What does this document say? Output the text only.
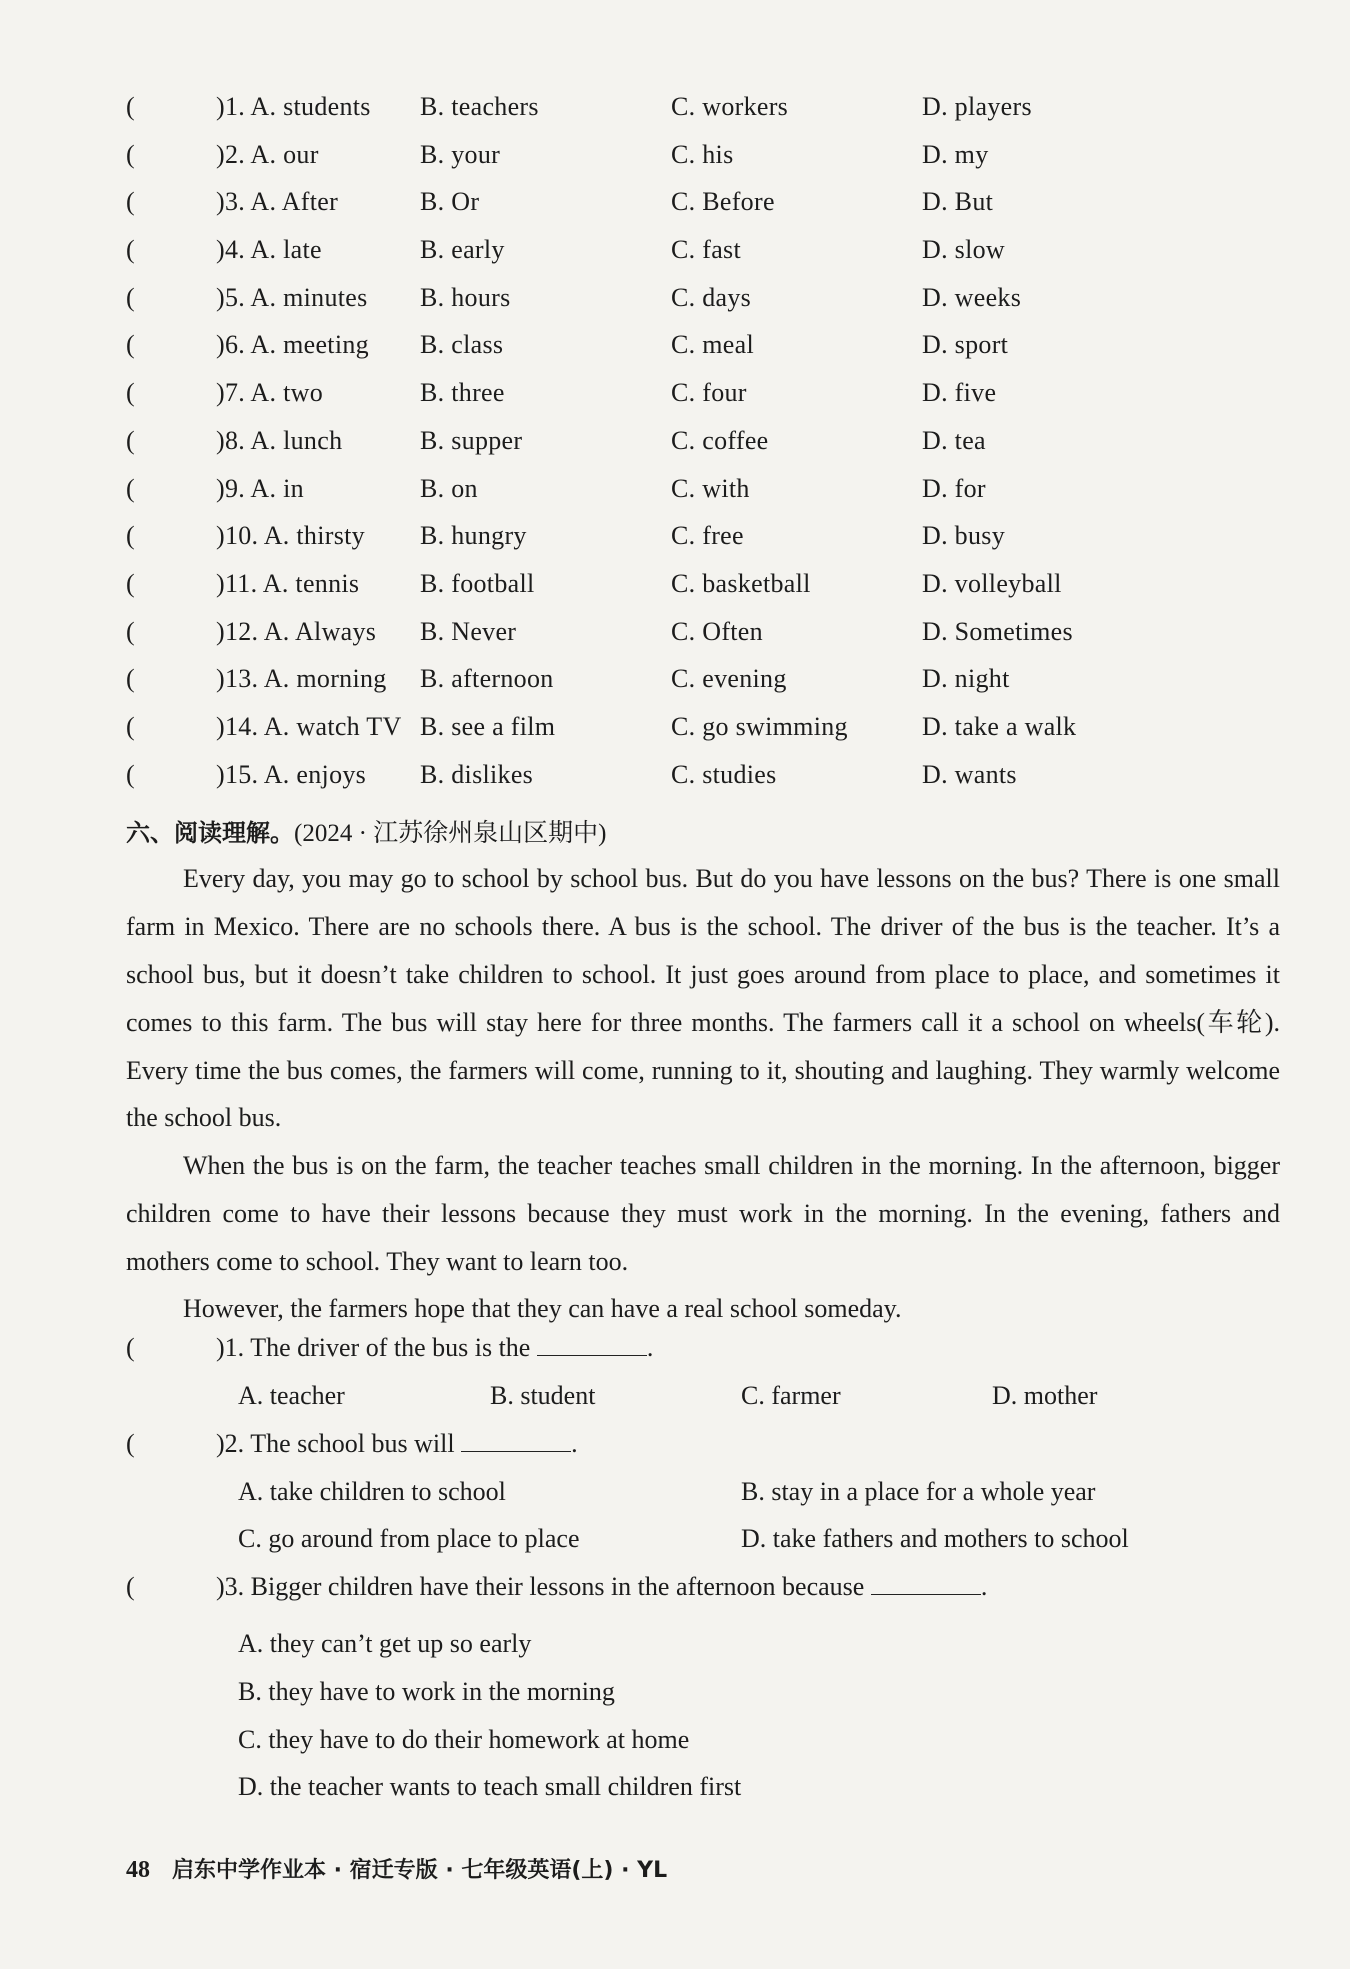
(	)1. A. students	B. teachers	C. workers	D. players
(	)2. A. our	B. your	C. his	D. my
(	)3. A. After	B. Or	C. Before	D. But
(	)4. A. late	B. early	C. fast	D. slow
(	)5. A. minutes	B. hours	C. days	D. weeks
(	)6. A. meeting	B. class	C. meal	D. sport
(	)7. A. two	B. three	C. four	D. five
(	)8. A. lunch	B. supper	C. coffee	D. tea
(	)9. A. in	B. on	C. with	D. for
(	)10. A. thirsty	B. hungry	C. free	D. busy
(	)11. A. tennis	B. football	C. basketball	D. volleyball
(	)12. A. Always	B. Never	C. Often	D. Sometimes
(	)13. A. morning	B. afternoon	C. evening	D. night
(	)14. A. watch TV B. see a film	C. go swimming	D. take a walk
(	)15. A. enjoys	B. dislikes	C. studies	D. wants
六、阅读理解。(2024 · 江苏徐州泉山区期中)

Every day, you may go to school by school bus. But do you have lessons on the bus? There is one small farm in Mexico. There are no schools there. A bus is the school. The driver of the bus is the teacher. It’s a school bus, but it doesn’t take children to school. It just goes around from place to place, and sometimes it comes to this farm. The bus will stay here for three months. The farmers call it a school on wheels(车轮). Every time the bus comes, the farmers will come, running to it, shouting and laughing. They warmly welcome the school bus.

When the bus is on the farm, the teacher teaches small children in the morning. In the afternoon, bigger children come to have their lessons because they must work in the morning. In the evening, fathers and mothers come to school. They want to learn too.

However, the farmers hope that they can have a real school someday.

(	)1. The driver of the bus is the
	.
A. teacher	B. student	C. farmer	D. mother
(	)2. The school bus will
	.
A. take children to school	B. stay in a place for a whole year
C. go around from place to place	D. take fathers and mothers to school
(	)3. Bigger children have their lessons in the afternoon because
	.
A. they can’t get up so early
B. they have to work in the morning
C. they have to do their homework at home
D. the teacher wants to teach small children first
48 启东中学作业本 · 宿迁专版 · 七年级英语(上) · YL
